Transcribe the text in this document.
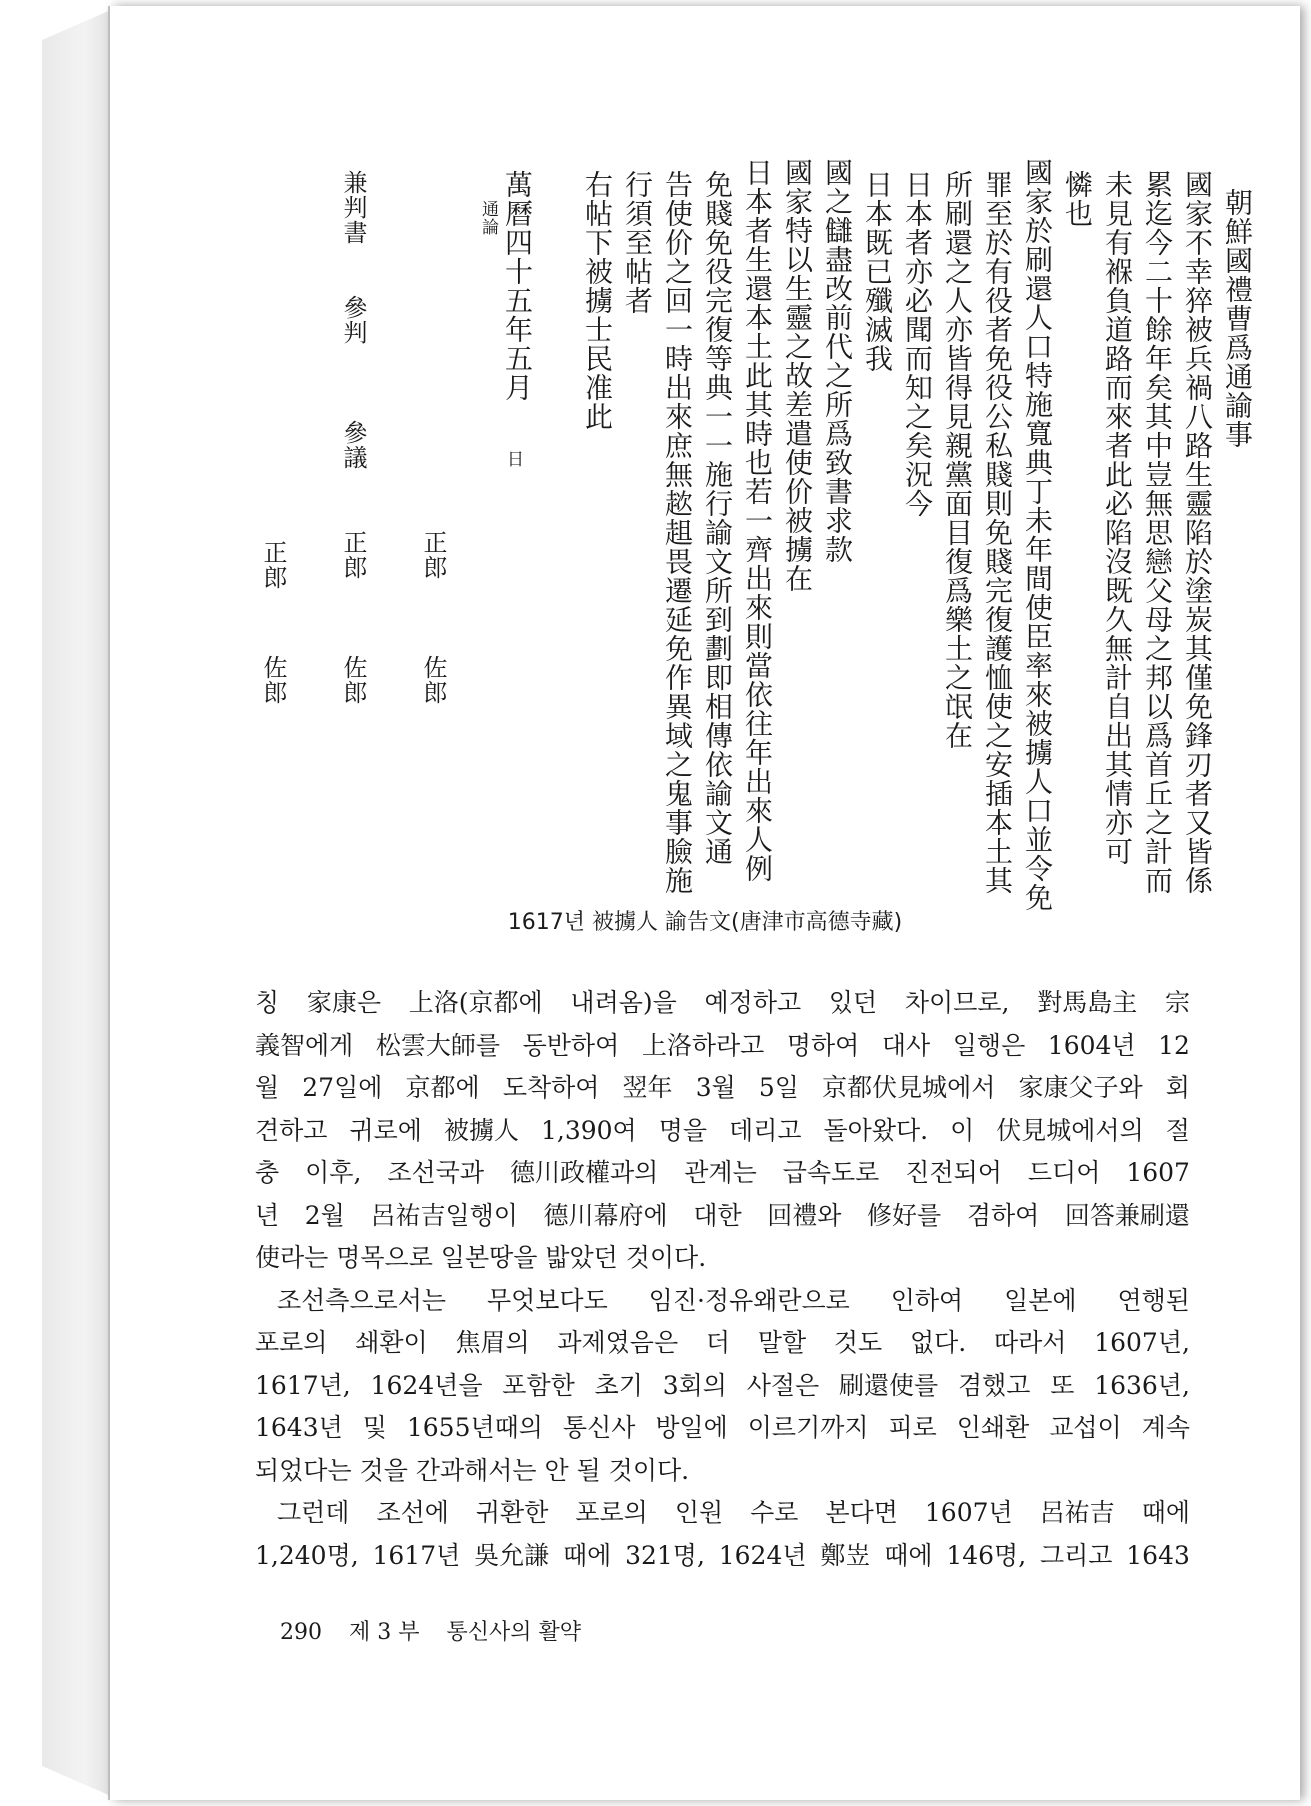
朝鮮國禮曹爲通諭事
國家不幸猝被兵禍八路生靈陷於塗炭其僅免鋒刃者又皆係
累迄今二十餘年矣其中豈無思戀父母之邦以爲首丘之計而
未見有褓負道路而來者此必陷沒既久無計自出其情亦可
憐也
國家於刷還人口特施寬典丁未年間使臣率來被擄人口並令免
罪至於有役者免役公私賤則免賤完復護恤使之安插本土其
所刷還之人亦皆得見親黨面目復爲樂土之氓在
日本者亦必聞而知之矣況今
日本既已殲滅我
國之讎盡改前代之所爲致書求款
國家特以生靈之故差遣使价被擄在
日本者生還本土此其時也若一齊出來則當依往年出來人例
免賤免役完復等典一一施行諭文所到劃即相傳依諭文通
告使价之回一時出來庶無趑趄畏遷延免作異域之鬼事臉施
行須至帖者
右帖下被擄士民准此
萬曆四十五年五月
日
通論
兼判書
參判
參議
正郎
正郎
正郎
佐郎
佐郎
佐郎
1617년 被擄人 諭告文(唐津市高德寺藏)
칭 家康은 上洛(京都에 내려옴)을 예정하고 있던 차이므로, 對馬島主 宗
義智에게 松雲大師를 동반하여 上洛하라고 명하여 대사 일행은 1604년 12
월 27일에 京都에 도착하여 翌年 3월 5일 京都伏見城에서 家康父子와 회
견하고 귀로에 被擄人 1,390여 명을 데리고 돌아왔다. 이 伏見城에서의 절
충 이후, 조선국과 德川政權과의 관계는 급속도로 진전되어 드디어 1607
년 2월 呂祐吉일행이 德川幕府에 대한 回禮와 修好를 겸하여 回答兼刷還
使라는 명목으로 일본땅을 밟았던 것이다.
조선측으로서는 무엇보다도 임진·정유왜란으로 인하여 일본에 연행된
포로의 쇄환이 焦眉의 과제였음은 더 말할 것도 없다. 따라서 1607년,
1617년, 1624년을 포함한 초기 3회의 사절은 刷還使를 겸했고 또 1636년,
1643년 및 1655년때의 통신사 방일에 이르기까지 피로 인쇄환 교섭이 계속
되었다는 것을 간과해서는 안 될 것이다.
그런데 조선에 귀환한 포로의 인원 수로 본다면 1607년 呂祐吉 때에
1,240명, 1617년 吳允謙 때에 321명, 1624년 鄭岦 때에 146명, 그리고 1643
290 제 3 부 통신사의 활약
